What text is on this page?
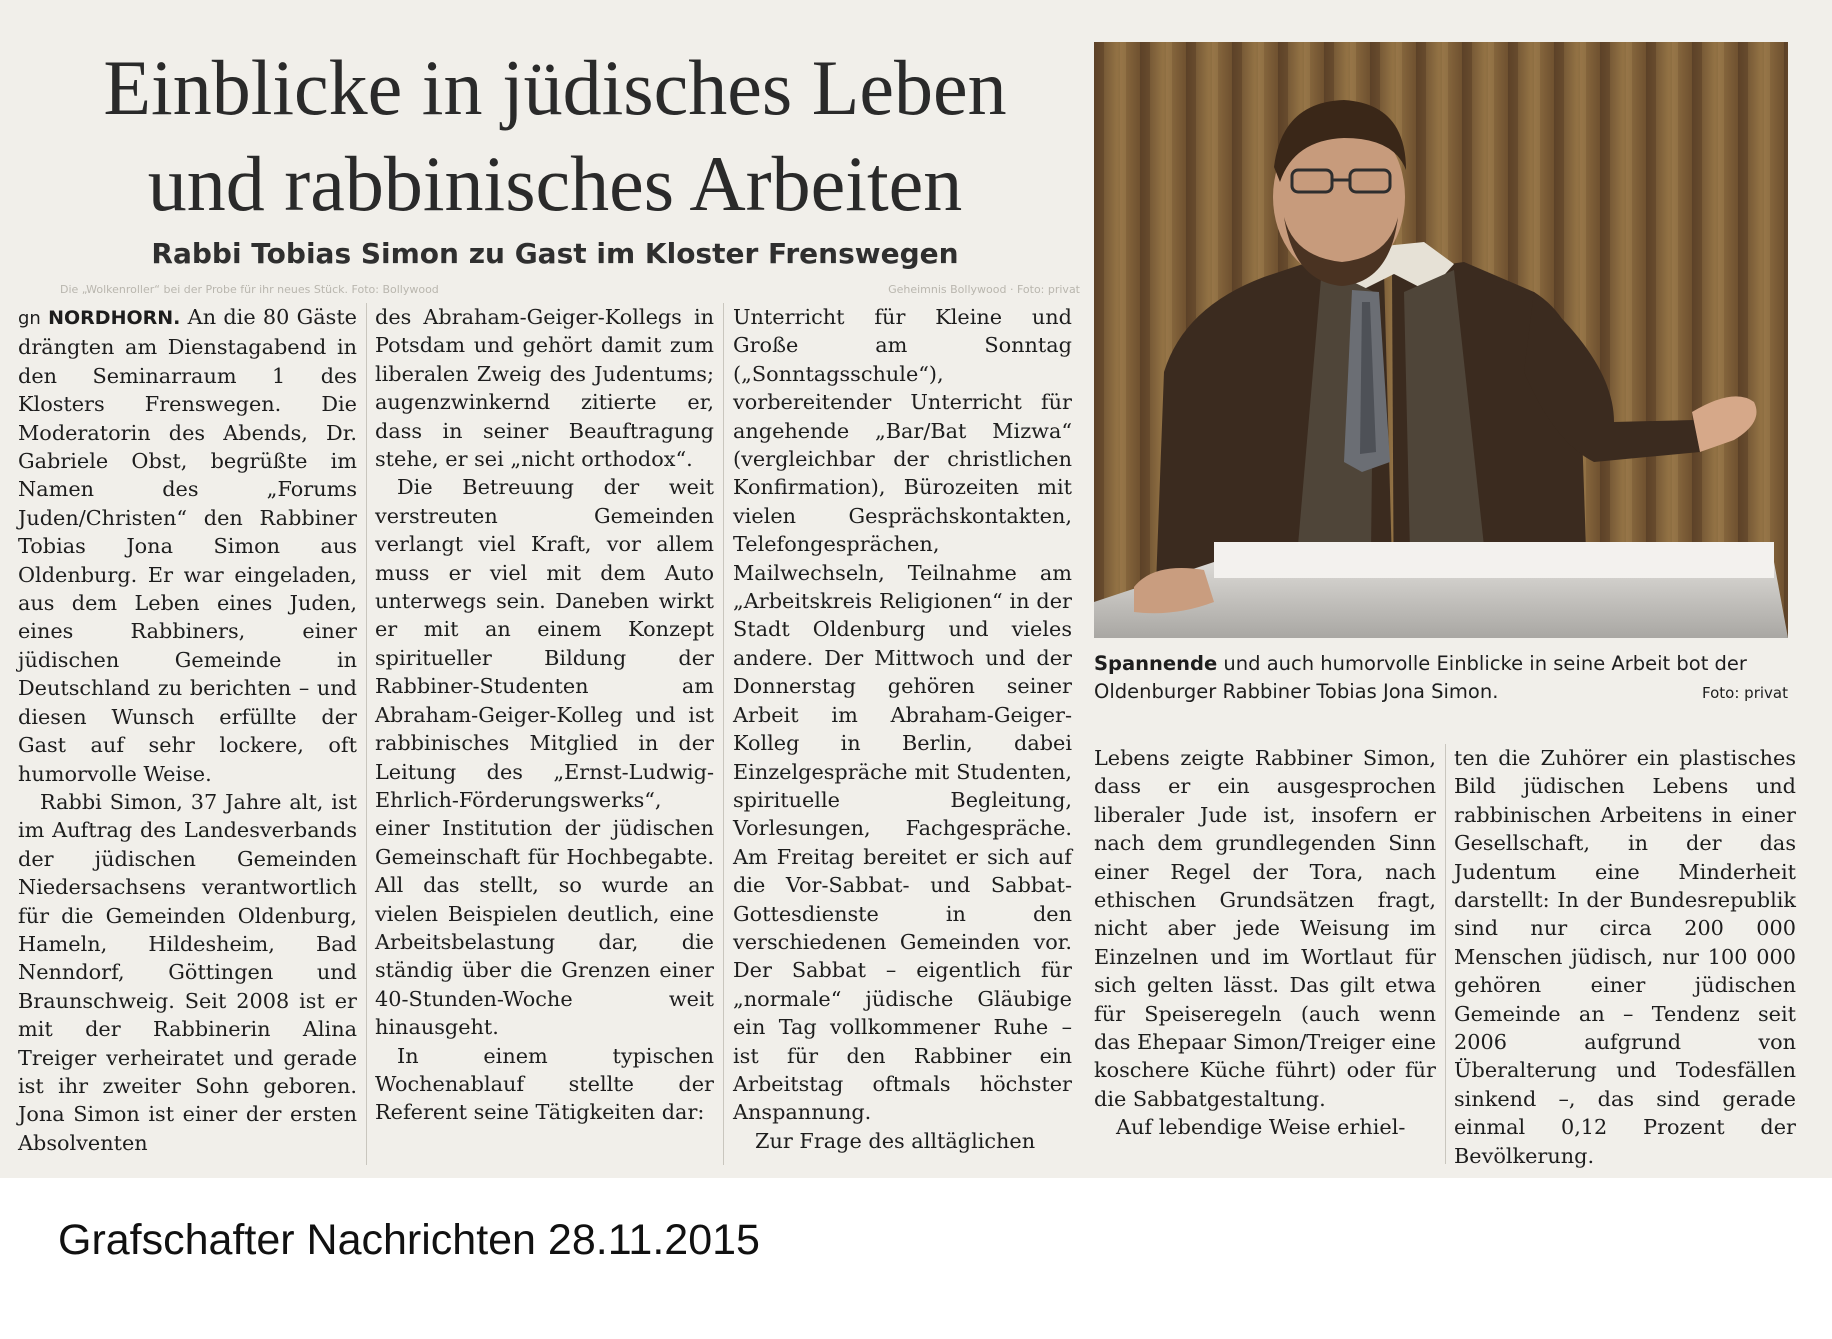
Einblicke in jüdisches Leben und rabbinisches Arbeiten
Rabbi Tobias Simon zu Gast im Kloster Frenswegen
Die „Wolkenroller“ bei der Probe für ihr neues Stück. Foto: Bollywood	Geheimnis Bollywood · Foto: privat

gn NORDHORN. An die 80 Gäste drängten am Dienstagabend in den Seminarraum 1 des Klosters Frenswegen. Die Moderatorin des Abends, Dr. Gabriele Obst, begrüßte im Namen des „Forums Juden/Christen“ den Rabbiner Tobias Jona Simon aus Oldenburg. Er war eingeladen, aus dem Leben eines Juden, eines Rabbiners, einer jüdischen Gemeinde in Deutschland zu berichten – und diesen Wunsch erfüllte der Gast auf sehr lockere, oft humorvolle Weise.

Rabbi Simon, 37 Jahre alt, ist im Auftrag des Landesverbands der jüdischen Gemeinden Niedersachsens verantwortlich für die Gemeinden Oldenburg, Hameln, Hildesheim, Bad Nenndorf, Göttingen und Braunschweig. Seit 2008 ist er mit der Rabbinerin Alina Treiger verheiratet und gerade ist ihr zweiter Sohn geboren. Jona Simon ist einer der ersten Absolventen

des Abraham-Geiger-Kollegs in Potsdam und gehört damit zum liberalen Zweig des Judentums; augenzwinkernd zitierte er, dass in seiner Beauftragung stehe, er sei „nicht orthodox“.

Die Betreuung der weit verstreuten Gemeinden verlangt viel Kraft, vor allem muss er viel mit dem Auto unterwegs sein. Daneben wirkt er mit an einem Konzept spiritueller Bildung der Rabbiner-Studenten am Abraham-Geiger-Kolleg und ist rabbinisches Mitglied in der Leitung des „Ernst-Ludwig-Ehrlich-Förderungswerks“, einer Institution der jüdischen Gemeinschaft für Hochbegabte. All das stellt, so wurde an vielen Beispielen deutlich, eine Arbeitsbelastung dar, die ständig über die Grenzen einer 40-Stunden-Woche weit hinausgeht.

In einem typischen Wochenablauf stellte der Referent seine Tätigkeiten dar:

Unterricht für Kleine und Große am Sonntag („Sonntagsschule“), vorbereitender Unterricht für angehende „Bar/Bat Mizwa“ (vergleichbar der christlichen Konfirmation), Bürozeiten mit vielen Gesprächskontakten, Telefongesprächen, Mailwechseln, Teilnahme am „Arbeitskreis Religionen“ in der Stadt Oldenburg und vieles andere. Der Mittwoch und der Donnerstag gehören seiner Arbeit im Abraham-Geiger-Kolleg in Berlin, dabei Einzelgespräche mit Studenten, spirituelle Begleitung, Vorlesungen, Fachgespräche. Am Freitag bereitet er sich auf die Vor-Sabbat- und Sabbat-Gottesdienste in den verschiedenen Gemeinden vor. Der Sabbat – eigentlich für „normale“ jüdische Gläubige ein Tag vollkommener Ruhe – ist für den Rabbiner ein Arbeitstag oftmals höchster Anspannung.

Zur Frage des alltäglichen

Spannende und auch humorvolle Einblicke in seine Arbeit bot der Oldenburger Rabbiner Tobias Jona Simon.	Foto: privat

Lebens zeigte Rabbiner Simon, dass er ein ausgesprochen liberaler Jude ist, insofern er nach dem grundlegenden Sinn einer Regel der Tora, nach ethischen Grundsätzen fragt, nicht aber jede Weisung im Einzelnen und im Wortlaut für sich gelten lässt. Das gilt etwa für Speiseregeln (auch wenn das Ehepaar Simon/Treiger eine koschere Küche führt) oder für die Sabbatgestaltung.

Auf lebendige Weise erhiel-

ten die Zuhörer ein plastisches Bild jüdischen Lebens und rabbinischen Arbeitens in einer Gesellschaft, in der das Judentum eine Minderheit darstellt: In der Bundesrepublik sind nur circa 200 000 Menschen jüdisch, nur 100 000 gehören einer jüdischen Gemeinde an – Tendenz seit 2006 aufgrund von Überalterung und Todesfällen sinkend –, das sind gerade einmal 0,12 Prozent der Bevölkerung.

Grafschafter Nachrichten 28.11.2015
